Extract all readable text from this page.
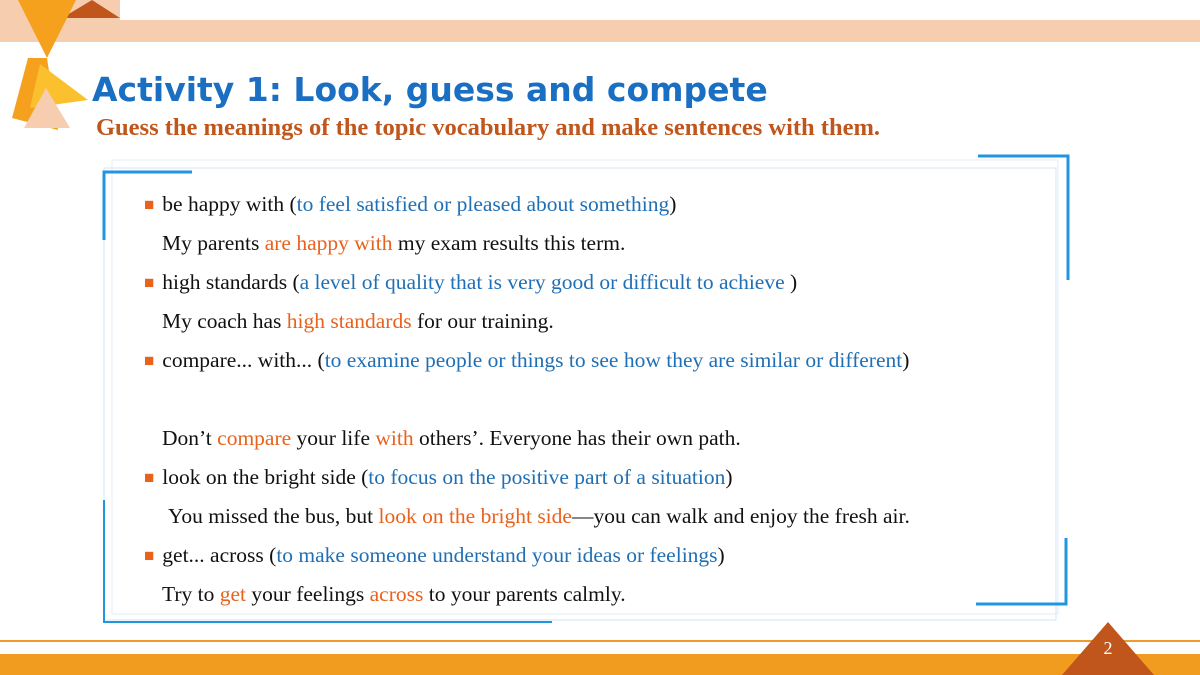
Activity 1: Look, guess and compete

Guess the meanings of the topic vocabulary and make sentences with them.

■ be happy with (to feel satisfied or pleased about something)
My parents are happy with my exam results this term.
■ high standards (a level of quality that is very good or difficult to achieve )
My coach has high standards for our training.
■ compare... with... (to examine people or things to see how they are similar or different)
Don’t compare your life with others’. Everyone has their own path.
■ look on the bright side (to focus on the positive part of a situation)
You missed the bus, but look on the bright side—you can walk and enjoy the fresh air.
■ get... across (to make someone understand your ideas or feelings)
Try to get your feelings across to your parents calmly.
2
